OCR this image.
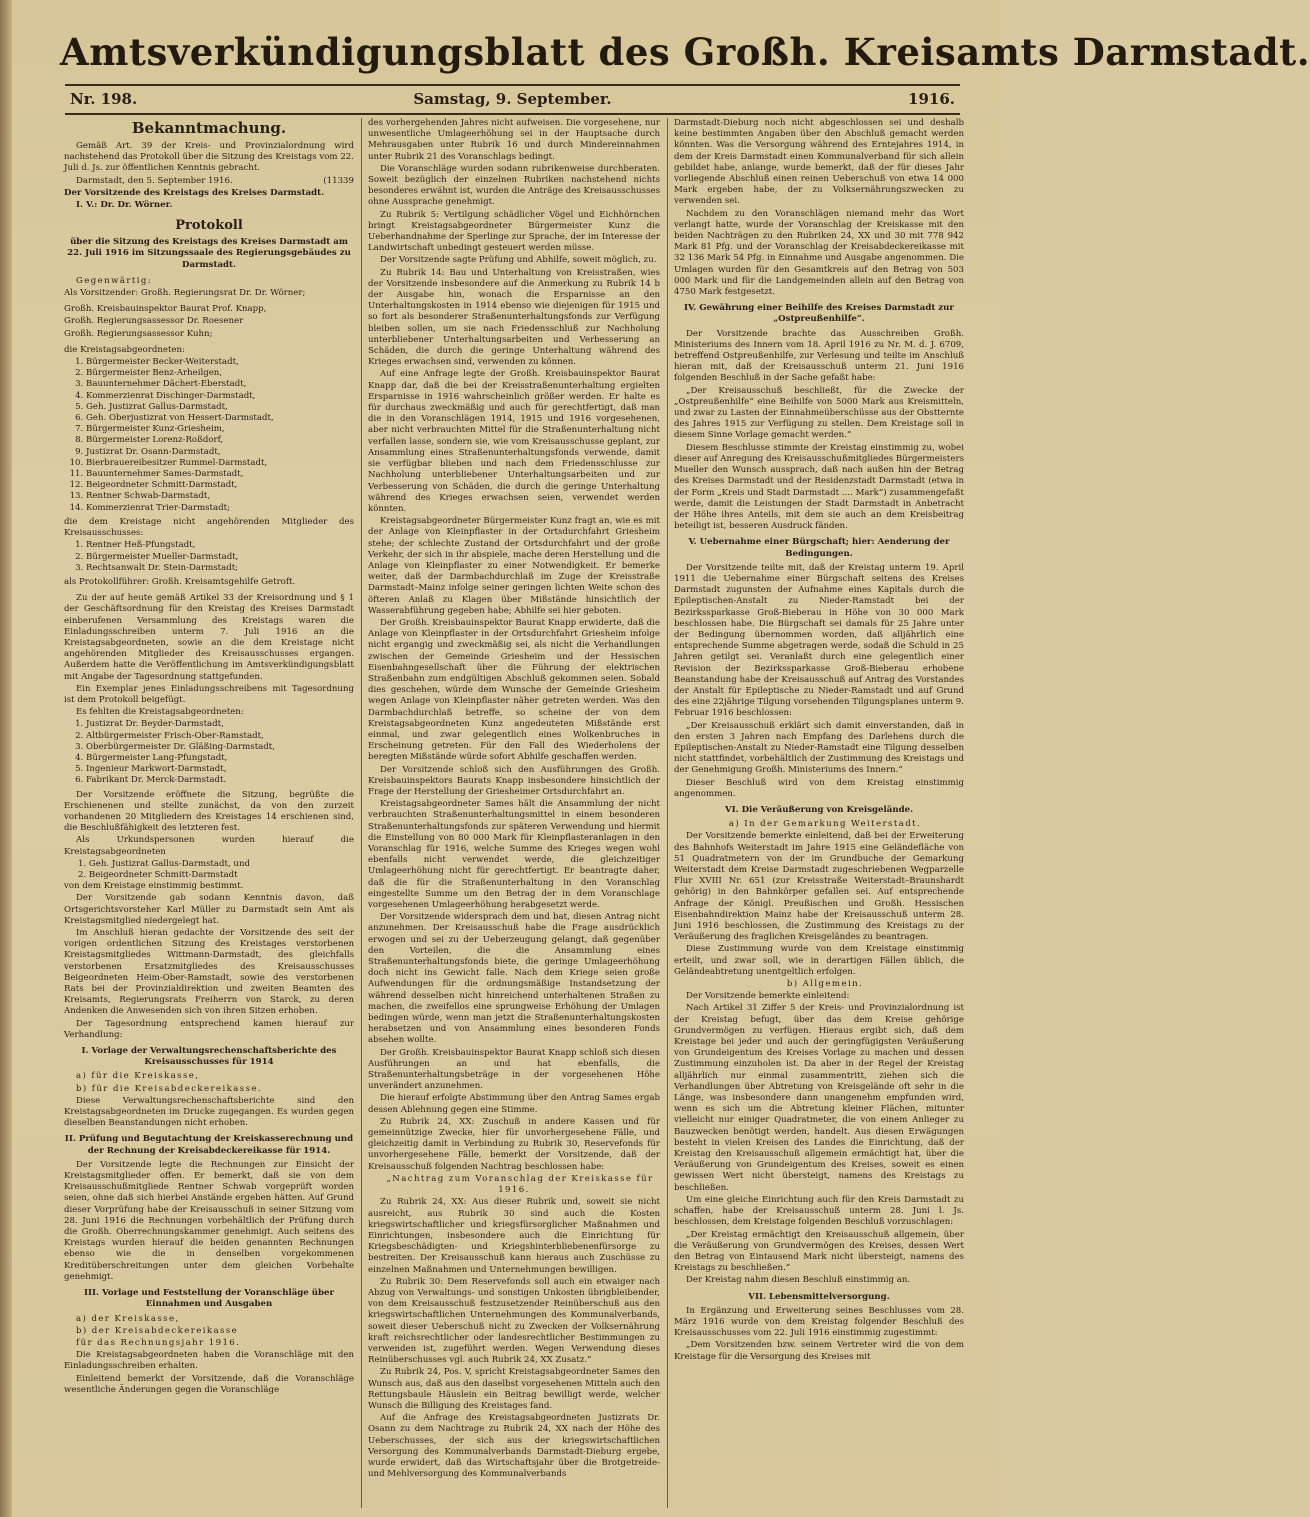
Amtsverkündigungsblatt des Großh. Kreisamts Darmstadt.
Nr. 198.	Samstag, 9. September.	1916.
Bekanntmachung.
Gemäß Art. 39 der Kreis- und Provinzialordnung wird nachstehend das Protokoll über die Sitzung des Kreistags vom 22. Juli d. Js. zur öffentlichen Kenntnis gebracht.
Darmstadt, den 5. September 1916.	(11339
Der Vorsitzende des Kreistags des Kreises Darmstadt.
I. V.: Dr. Dr. Wörner.
Protokoll
über die Sitzung des Kreistags des Kreises Darmstadt am 22. Juli 1916 im Sitzungssaale des Regierungsgebäudes zu Darmstadt.
Gegenwärtig:
Als Vorsitzender: Großh. Regierungsrat Dr. Dr. Wörner;
Großh. Kreisbauinspektor Baurat Prof. Knapp,
Großh. Regierungsassessor Dr. Roesener
Großh. Regierungsassessor Kuhn;
die Kreistagsabgeordneten:
1. Bürgermeister Becker-Weiterstadt,
2. Bürgermeister Benz-Arheilgen,
3. Bauunternehmer Dächert-Eberstadt,
4. Kommerzienrat Dischinger-Darmstadt,
5. Geh. Justizrat Gallus-Darmstadt,
6. Geh. Oberjustizrat von Hessert-Darmstadt,
7. Bürgermeister Kunz-Griesheim,
8. Bürgermeister Lorenz-Roßdorf,
9. Justizrat Dr. Osann-Darmstadt,
10. Bierbrauereibesitzer Rummel-Darmstadt,
11. Bauunternehmer Sames-Darmstadt,
12. Beigeordneter Schmitt-Darmstadt,
13. Rentner Schwab-Darmstadt,
14. Kommerzienrat Trier-Darmstadt;
die dem Kreistage nicht angehörenden Mitglieder des Kreisausschusses:
1. Rentner Heß-Pfungstadt,
2. Bürgermeister Mueller-Darmstadt,
3. Rechtsanwalt Dr. Stein-Darmstadt;
als Protokollführer: Großh. Kreisamtsgehilfe Getroft.
Zu der auf heute gemäß Artikel 33 der Kreisordnung und § 1 der Geschäftsordnung für den Kreistag des Kreises Darmstadt einberufenen Versammlung des Kreistags waren die Einladungsschreiben unterm 7. Juli 1916 an die Kreistagsabgeordneten, sowie an die dem Kreistage nicht angehörenden Mitglieder des Kreisausschusses ergangen. Außerdem hatte die Veröffentlichung im Amtsverkündigungsblatt mit Angabe der Tagesordnung stattgefunden.
Ein Exemplar jenes Einladungsschreibens mit Tagesordnung ist dem Protokoll beigefügt.
Es fehlten die Kreistagsabgeordneten:
1. Justizrat Dr. Beyder-Darmstadt,
2. Altbürgermeister Frisch-Ober-Ramstadt,
3. Oberbürgermeister Dr. Gläßing-Darmstadt,
4. Bürgermeister Lang-Pfungstadt,
5. Ingenieur Markwort-Darmstadt,
6. Fabrikant Dr. Merck-Darmstadt.
Der Vorsitzende eröffnete die Sitzung, begrüßte die Erschienenen und stellte zunächst, da von den zurzeit vorhandenen 20 Mitgliedern des Kreistages 14 erschienen sind, die Beschlußfähigkeit des letzteren fest.
Als Urkundspersonen wurden hierauf die Kreistagsabgeordneten
1. Geh. Justizrat Gallus-Darmstadt, und
2. Beigeordneter Schmitt-Darmstadt
von dem Kreistage einstimmig bestimmt.
Der Vorsitzende gab sodann Kenntnis davon, daß Ortsgerichtsvorsteher Karl Müller zu Darmstadt sein Amt als Kreistagsmitglied niedergelegt hat.
Im Anschluß hieran gedachte der Vorsitzende des seit der vorigen ordentlichen Sitzung des Kreistages verstorbenen Kreistagsmitgliedes Wittmann-Darmstadt, des gleichfalls verstorbenen Ersatzmitgliedes des Kreisausschusses Beigeordneten Heim-Ober-Ramstadt, sowie des verstorbenen Rats bei der Provinzialdirektion und zweiten Beamten des Kreisamts, Regierungsrats Freiherrn von Starck, zu deren Andenken die Anwesenden sich von ihren Sitzen erhoben.
Der Tagesordnung entsprechend kamen hierauf zur Verhandlung:
I. Vorlage der Verwaltungsrechenschaftsberichte des Kreisausschusses für 1914
a) für die Kreiskasse,
b) für die Kreisabdeckereikasse.
Diese Verwaltungsrechenschaftsberichte sind den Kreistagsabgeordneten im Drucke zugegangen. Es wurden gegen dieselben Beanstandungen nicht erhoben.
II. Prüfung und Begutachtung der Kreiskasserechnung und der Rechnung der Kreisabdeckereikasse für 1914.
Der Vorsitzende legte die Rechnungen zur Einsicht der Kreistagsmitglieder offen. Er bemerkt, daß sie von dem Kreisausschußmitgliede Rentner Schwab vorgeprüft worden seien, ohne daß sich hierbei Anstände ergeben hätten. Auf Grund dieser Vorprüfung habe der Kreisausschuß in seiner Sitzung vom 28. Juni 1916 die Rechnungen vorbehältlich der Prüfung durch die Großh. Oberrechnungskammer genehmigt. Auch seitens des Kreistags wurden hierauf die beiden genannten Rechnungen ebenso wie die in denselben vorgekommenen Kreditüberschreitungen unter dem gleichen Vorbehalte genehmigt.
III. Vorlage und Feststellung der Voranschläge über Einnahmen und Ausgaben
a) der Kreiskasse,
b) der Kreisabdeckereikasse
für das Rechnungsjahr 1916.
Die Kreistagsabgeordneten haben die Voranschläge mit den Einladungsschreiben erhalten.
Einleitend bemerkt der Vorsitzende, daß die Voranschläge wesentliche Änderungen gegen die Voranschläge
des vorhergehenden Jahres nicht aufweisen. Die vorgesehene, nur unwesentliche Umlageerhöhung sei in der Hauptsache durch Mehrausgaben unter Rubrik 16 und durch Mindereinnahmen unter Rubrik 21 des Voranschlags bedingt.
Die Voranschläge wurden sodann rubrikenweise durchberaten. Soweit bezüglich der einzelnen Rubriken nachstehend nichts besonderes erwähnt ist, wurden die Anträge des Kreisausschusses ohne Aussprache genehmigt.
Zu Rubrik 5: Vertilgung schädlicher Vögel und Eichhörnchen bringt Kreistagsabgeordneter Bürgermeister Kunz die Ueberhandnahme der Sperlinge zur Sprache, der im Interesse der Landwirtschaft unbedingt gesteuert werden müsse.
Der Vorsitzende sagte Prüfung und Abhilfe, soweit möglich, zu.
Zu Rubrik 14: Bau und Unterhaltung von Kreisstraßen, wies der Vorsitzende insbesondere auf die Anmerkung zu Rubrik 14 b der Ausgabe hin, wonach die Ersparnisse an den Unterhaltungskosten in 1914 ebenso wie diejenigen für 1915 und so fort als besonderer Straßenunterhaltungsfonds zur Verfügung bleiben sollen, um sie nach Friedensschluß zur Nachholung unterbliebener Unterhaltungsarbeiten und Verbesserung an Schäden, die durch die geringe Unterhaltung während des Krieges erwachsen sind, verwenden zu können.
Auf eine Anfrage legte der Großh. Kreisbauinspektor Baurat Knapp dar, daß die bei der Kreisstraßenunterhaltung ergielten Ersparnisse in 1916 wahrscheinlich größer werden. Er halte es für durchaus zweckmäßig und auch für gerechtfertigt, daß man die in den Voranschlägen 1914, 1915 und 1916 vorgesehenen, aber nicht verbrauchten Mittel für die Straßenunterhaltung nicht verfallen lasse, sondern sie, wie vom Kreisausschusse geplant, zur Ansammlung eines Straßenunterhaltungsfonds verwende, damit sie verfügbar blieben und nach dem Friedensschlusse zur Nachholung unterbliebener Unterhaltungsarbeiten und zur Verbesserung von Schäden, die durch die geringe Unterhaltung während des Krieges erwachsen seien, verwendet werden könnten.
Kreistagsabgeordneter Bürgermeister Kunz fragt an, wie es mit der Anlage von Kleinpflaster in der Ortsdurchfahrt Griesheim stehe; der schlechte Zustand der Ortsdurchfahrt und der große Verkehr, der sich in ihr abspiele, mache deren Herstellung und die Anlage von Kleinpflaster zu einer Notwendigkeit. Er bemerke weiter, daß der Darmbachdurchlaß im Zuge der Kreisstraße Darmstadt–Mainz infolge seiner geringen lichten Weite schon des öfteren Anlaß zu Klagen über Mißstände hinsichtlich der Wasserabführung gegeben habe; Abhilfe sei hier geboten.
Der Großh. Kreisbauinspektor Baurat Knapp erwiderte, daß die Anlage von Kleinpflaster in der Ortsdurchfahrt Griesheim infolge nicht ergangig und zweckmäßig sei, als nicht die Verhandlungen zwischen der Gemeinde Griesheim und der Hessischen Eisenbahngesellschaft über die Führung der elektrischen Straßenbahn zum endgültigen Abschluß gekommen seien. Sobald dies geschehen, würde dem Wunsche der Gemeinde Griesheim wegen Anlage von Kleinpflaster näher getreten werden. Was den Darmbachdurchlaß betreffe, so scheine der von dem Kreistagsabgeordneten Kunz angedeuteten Mißstände erst einmal, und zwar gelegentlich eines Wolkenbruches in Erscheinung getreten. Für den Fall des Wiederholens der beregten Mißstände würde sofort Abhilfe geschaffen werden.
Der Vorsitzende schloß sich den Ausführungen des Großh. Kreisbauinspektors Baurats Knapp insbesondere hinsichtlich der Frage der Herstellung der Griesheimer Ortsdurchfahrt an.
Kreistagsabgeordneter Sames hält die Ansammlung der nicht verbrauchten Straßenunterhaltungsmittel in einem besonderen Straßenunterhaltungsfonds zur späteren Verwendung und hiermit die Einstellung von 80 000 Mark für Kleinpflasteranlagen in den Voranschlag für 1916, welche Summe des Krieges wegen wohl ebenfalls nicht verwendet werde, die gleichzeitiger Umlageerhöhung nicht für gerechtfertigt. Er beantragte daher, daß die für die Straßenunterhaltung in den Voranschlag eingestellte Summe um den Betrag der in dem Voranschlage vorgesehenen Umlageerhöhung herabgesetzt werde.
Der Vorsitzende widersprach dem und bat, diesen Antrag nicht anzunehmen. Der Kreisausschuß habe die Frage ausdrücklich erwogen und sei zu der Ueberzeugung gelangt, daß gegenüber den Vorteilen, die die Ansammlung eines Straßenunterhaltungsfonds biete, die geringe Umlageerhöhung doch nicht ins Gewicht falle. Nach dem Kriege seien große Aufwendungen für die ordnungsmäßige Instandsetzung der während desselben nicht hinreichend unterhaltenen Straßen zu machen, die zweifellos eine sprungweise Erhöhung der Umlagen bedingen würde, wenn man jetzt die Straßenunterhaltungskosten herabsetzen und von Ansammlung eines besonderen Fonds absehen wollte.
Der Großh. Kreisbauinspektor Baurat Knapp schloß sich diesen Ausführungen an und hat ebenfalls, die Straßenunterhaltungsbeträge in der vorgesehenen Höhe unverändert anzunehmen.
Die hierauf erfolgte Abstimmung über den Antrag Sames ergab dessen Ablehnung gegen eine Stimme.
Zu Rubrik 24, XX: Zuschuß in andere Kassen und für gemeinnützige Zwecke, hier für unvorhergesehene Fälle, und gleichzeitig damit in Verbindung zu Rubrik 30, Reservefonds für unvorhergesehene Fälle, bemerkt der Vorsitzende, daß der Kreisausschuß folgenden Nachtrag beschlossen habe:
„Nachtrag zum Voranschlag der Kreiskasse für 1916.
Zu Rubrik 24, XX: Aus dieser Rubrik und, soweit sie nicht ausreicht, aus Rubrik 30 sind auch die Kosten kriegswirtschaftlicher und kriegsfürsorglicher Maßnahmen und Einrichtungen, insbesondere auch die Einrichtung für Kriegsbeschädigten- und Kriegshinterbliebenenfürsorge zu bestreiten. Der Kreisausschuß kann hieraus auch Zuschüsse zu einzelnen Maßnahmen und Unternehmungen bewilligen.
Zu Rubrik 30: Dem Reservefonds soll auch ein etwaiger nach Abzug von Verwaltungs- und sonstigen Unkosten übrigbleibender, von dem Kreisausschuß festzusetzender Reinüberschuß aus den kriegswirtschaftlichen Unternehmungen des Kommunalverbands, soweit dieser Ueberschuß nicht zu Zwecken der Volksernährung kraft reichsrechtlicher oder landesrechtlicher Bestimmungen zu verwenden ist, zugeführt werden. Wegen Verwendung dieses Reinüberschusses vgl. auch Rubrik 24, XX Zusatz.“
Zu Rubrik 24, Pos. V, spricht Kreistagsabgeordneter Sames den Wunsch aus, daß aus den daselbst vorgesehenen Mitteln auch den Rettungsbaule Häuslein ein Beitrag bewilligt werde, welcher Wunsch die Billigung des Kreistages fand.
Auf die Anfrage des Kreistagsabgeordneten Justizrats Dr. Osann zu dem Nachtrage zu Rubrik 24, XX nach der Höhe des Ueberschusses, der sich aus der kriegswirtschaftlichen Versorgung des Kommunalverbands Darmstadt-Dieburg ergebe, wurde erwidert, daß das Wirtschaftsjahr über die Brotgetreide- und Mehlversorgung des Kommunalverbands
Darmstadt-Dieburg noch nicht abgeschlossen sei und deshalb keine bestimmten Angaben über den Abschluß gemacht werden könnten. Was die Versorgung während des Erntejahres 1914, in dem der Kreis Darmstadt einen Kommunalverband für sich allein gebildet habe, anlange, wurde bemerkt, daß der für dieses Jahr vorliegende Abschluß einen reinen Ueberschuß von etwa 14 000 Mark ergeben habe, der zu Volksernährungszwecken zu verwenden sei.
Nachdem zu den Voranschlägen niemand mehr das Wort verlangt hatte, wurde der Voranschlag der Kreiskasse mit den beiden Nachträgen zu den Rubriken 24, XX und 30 mit 778 942 Mark 81 Pfg. und der Voranschlag der Kreisabdeckereikasse mit 32 136 Mark 54 Pfg. in Einnahme und Ausgabe angenommen. Die Umlagen wurden für den Gesamtkreis auf den Betrag von 503 000 Mark und für die Landgemeinden allein auf den Betrag von 4750 Mark festgesetzt.
IV. Gewährung einer Beihilfe des Kreises Darmstadt zur „Ostpreußenhilfe“.
Der Vorsitzende brachte das Ausschreiben Großh. Ministeriums des Innern vom 18. April 1916 zu Nr. M. d. J. 6709, betreffend Ostpreußenhilfe, zur Verlesung und teilte im Anschluß hieran mit, daß der Kreisausschuß unterm 21. Juni 1916 folgenden Beschluß in der Sache gefaßt habe:
„Der Kreisausschuß beschließt, für die Zwecke der „Ostpreußenhilfe“ eine Beihilfe von 5000 Mark aus Kreismitteln, und zwar zu Lasten der Einnahmeüberschüsse aus der Obstternte des Jahres 1915 zur Verfügung zu stellen. Dem Kreistage soll in diesem Sinne Vorlage gemacht werden.“
Diesem Beschlusse stimmte der Kreistag einstimmig zu, wobei dieser auf Anregung des Kreisausschußmitgliedes Bürgermeisters Mueller den Wunsch aussprach, daß nach außen hin der Betrag des Kreises Darmstadt und der Residenzstadt Darmstadt (etwa in der Form „Kreis und Stadt Darmstadt .... Mark“) zusammengefaßt werde, damit die Leistungen der Stadt Darmstadt in Anbetracht der Höhe ihres Anteils, mit dem sie auch an dem Kreisbeitrag beteiligt ist, besseren Ausdruck fänden.
V. Uebernahme einer Bürgschaft; hier: Aenderung der Bedingungen.
Der Vorsitzende teilte mit, daß der Kreistag unterm 19. April 1911 die Uebernahme einer Bürgschaft seitens des Kreises Darmstadt zugunsten der Aufnahme eines Kapitals durch die Epileptischen-Anstalt zu Nieder-Ramstadt bei der Bezirkssparkasse Groß-Bieberau in Höhe von 30 000 Mark beschlossen habe. Die Bürgschaft sei damals für 25 Jahre unter der Bedingung übernommen worden, daß alljährlich eine entsprechende Summe abgetragen werde, sodaß die Schuld in 25 Jahren getilgt sei. Veranlaßt durch eine gelegentlich einer Revision der Bezirkssparkasse Groß-Bieberau erhobene Beanstandung habe der Kreisausschuß auf Antrag des Vorstandes der Anstalt für Epileptische zu Nieder-Ramstadt und auf Grund des eine 22jährige Tilgung vorsehenden Tilgungsplanes unterm 9. Februar 1916 beschlossen:
„Der Kreisausschuß erklärt sich damit einverstanden, daß in den ersten 3 Jahren nach Empfang des Darlehens durch die Epileptischen-Anstalt zu Nieder-Ramstadt eine Tilgung desselben nicht stattfindet, vorbehältlich der Zustimmung des Kreistags und der Genehmigung Großh. Ministeriums des Innern.“
Dieser Beschluß wird von dem Kreistag einstimmig angenommen.
VI. Die Veräußerung von Kreisgelände.
a) In der Gemarkung Weiterstadt.
Der Vorsitzende bemerkte einleitend, daß bei der Erweiterung des Bahnhofs Weiterstadt im Jahre 1915 eine Geländefläche von 51 Quadratmetern von der im Grundbuche der Gemarkung Weiterstadt dem Kreise Darmstadt zugeschriebenen Wegparzelle Flur XVIII Nr. 651 (zur Kreisstraße Weiterstadt–Braunshardt gehörig) in den Bahnkörper gefallen sei. Auf entsprechende Anfrage der Königl. Preußischen und Großh. Hessischen Eisenbahndirektion Mainz habe der Kreisausschuß unterm 28. Juni 1916 beschlossen, die Zustimmung des Kreistags zu der Veräußerung des fraglichen Kreisgeländes zu beantragen.
Diese Zustimmung wurde von dem Kreistage einstimmig erteilt, und zwar soll, wie in derartigen Fällen üblich, die Geländeabtretung unentgeltlich erfolgen.
b) Allgemein.
Der Vorsitzende bemerkte einleitend:
Nach Artikel 31 Ziffer 5 der Kreis- und Provinzialordnung ist der Kreistag befugt, über das dem Kreise gehörige Grundvermögen zu verfügen. Hieraus ergibt sich, daß dem Kreistage bei jeder und auch der geringfügigsten Veräußerung von Grundeigentum des Kreises Vorlage zu machen und dessen Zustimmung einzuholen ist. Da aber in der Regel der Kreistag alljährlich nur einmal zusammentritt, ziehen sich die Verhandlungen über Abtretung von Kreisgelände oft sehr in die Länge, was insbesondere dann unangenehm empfunden wird, wenn es sich um die Abtretung kleiner Flächen, mitunter vielleicht nur einiger Quadratmeter, die von einem Anlieger zu Bauzwecken benötigt werden, handelt. Aus diesen Erwägungen besteht in vielen Kreisen des Landes die Einrichtung, daß der Kreistag den Kreisausschuß allgemein ermächtigt hat, über die Veräußerung von Grundeigentum des Kreises, soweit es einen gewissen Wert nicht übersteigt, namens des Kreistags zu beschließen.
Um eine gleiche Einrichtung auch für den Kreis Darmstadt zu schaffen, habe der Kreisausschuß unterm 28. Juni l. Js. beschlossen, dem Kreistage folgenden Beschluß vorzuschlagen:
„Der Kreistag ermächtigt den Kreisausschuß allgemein, über die Veräußerung von Grundvermögen des Kreises, dessen Wert den Betrag von Eintausend Mark nicht übersteigt, namens des Kreistags zu beschließen.“
Der Kreistag nahm diesen Beschluß einstimmig an.
VII. Lebensmittelversorgung.
In Ergänzung und Erweiterung seines Beschlusses vom 28. März 1916 wurde von dem Kreistag folgender Beschluß des Kreisausschusses vom 22. Juli 1916 einstimmig zugestimmt:
„Dem Vorsitzenden bzw. seinem Vertreter wird die von dem Kreistage für die Versorgung des Kreises mit
